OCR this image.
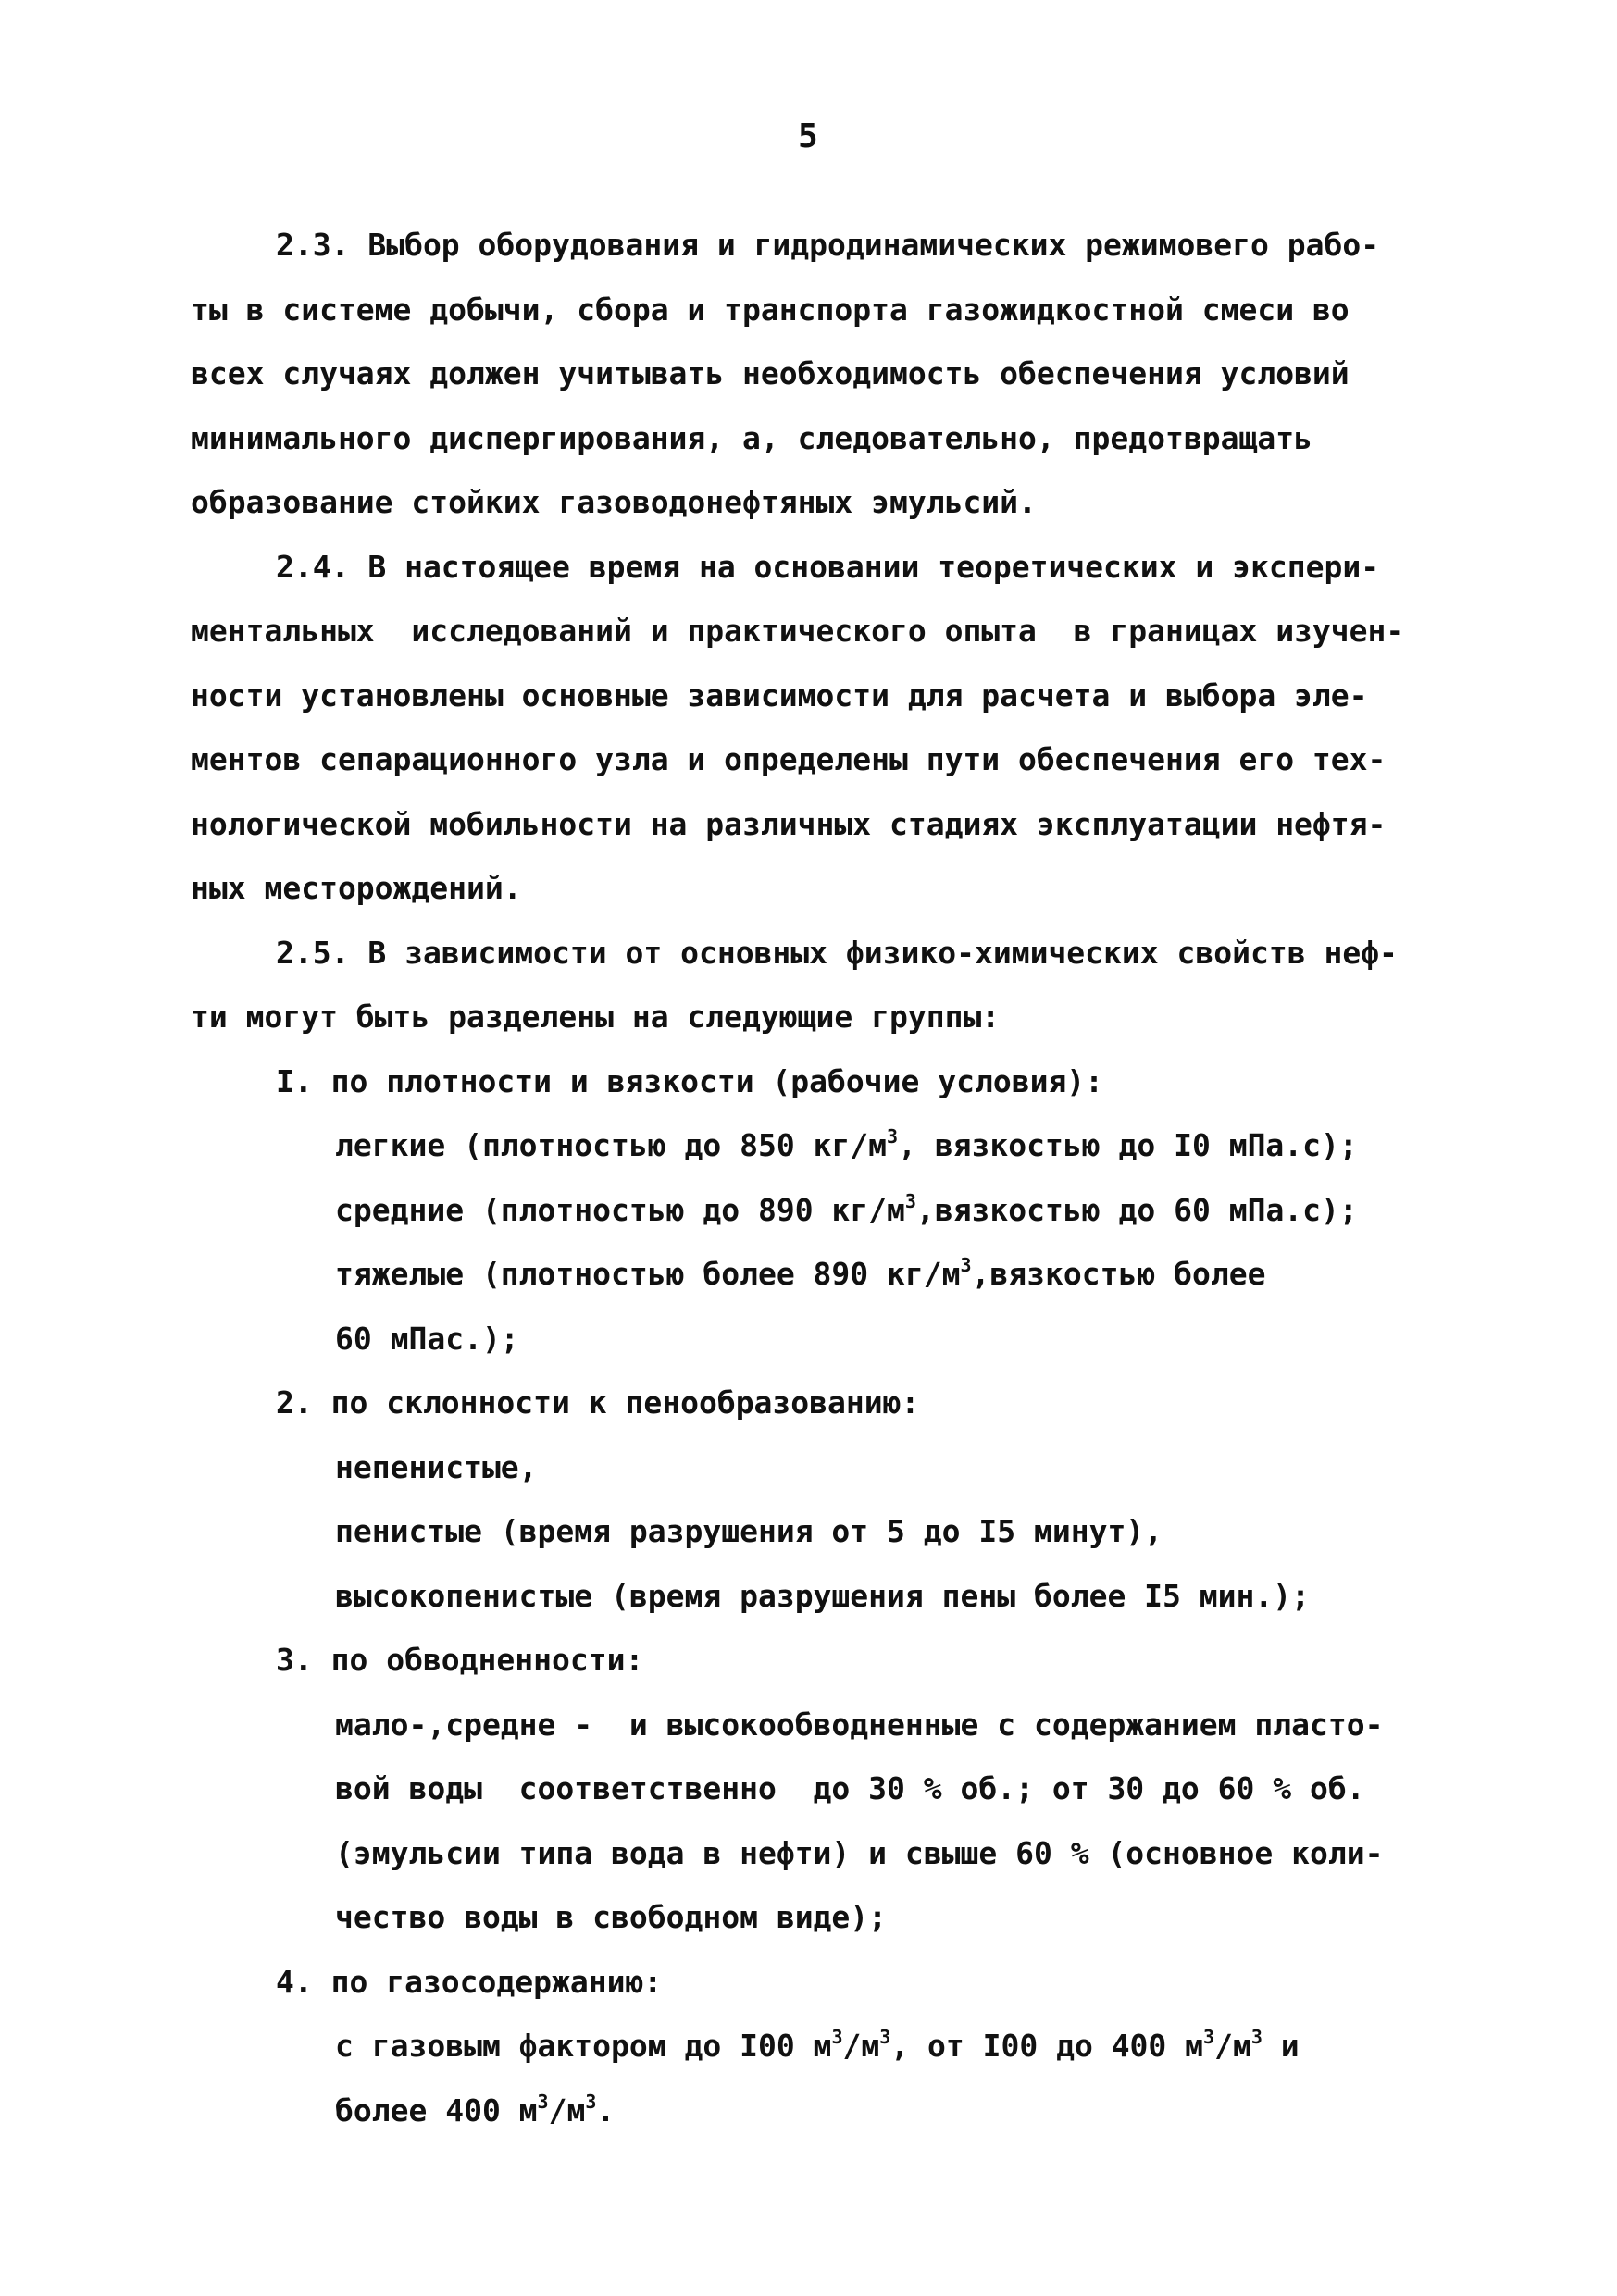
5
2.3. Выбор оборудования и гидродинамических режимовего рабо-
ты в системе добычи, сбора и транспорта газожидкостной смеси во
всех случаях должен учитывать необходимость обеспечения условий
минимального диспергирования, а, следовательно, предотвращать
образование стойких газоводонефтяных эмульсий.
2.4. В настоящее время на основании теоретических и экспери-
ментальных  исследований и практического опыта  в границах изучен-
ности установлены основные зависимости для расчета и выбора эле-
ментов сепарационного узла и определены пути обеспечения его тех-
нологической мобильности на различных стадиях эксплуатации нефтя-
ных месторождений.
2.5. В зависимости от основных физико-химических свойств неф-
ти могут быть разделены на следующие группы:
I. по плотности и вязкости (рабочие условия):
легкие (плотностью до 850 $кг/м^3$, вязкостью до I0 мПа.с);
средние (плотностью до 890 $кг/м^3,вязкостью$ до 60 мПа.с);
тяжелые (плотностью более 890 $кг/м^3,вязкостью$ более
60 мПас.);
2. по склонности к пенообразованию:
непенистые,
пенистые (время разрушения от 5 до I5 минут),
высокопенистые (время разрушения пены более I5 мин.);
3. по обводненности:
мало-,средне -  и высокообводненные с содержанием пласто-
вой воды  соответственно  до 30 % об.; от 30 до 60 % об.
(эмульсии типа вода в нефти) и свыше 60 % (основное коли-
чество воды в свободном виде);
4. по газосодержанию:
с газовым фактором до I00 $м^3/м^3$, от I00 до 400 $м^3/м^3$ и
более 400 $м^3/м^3$.
